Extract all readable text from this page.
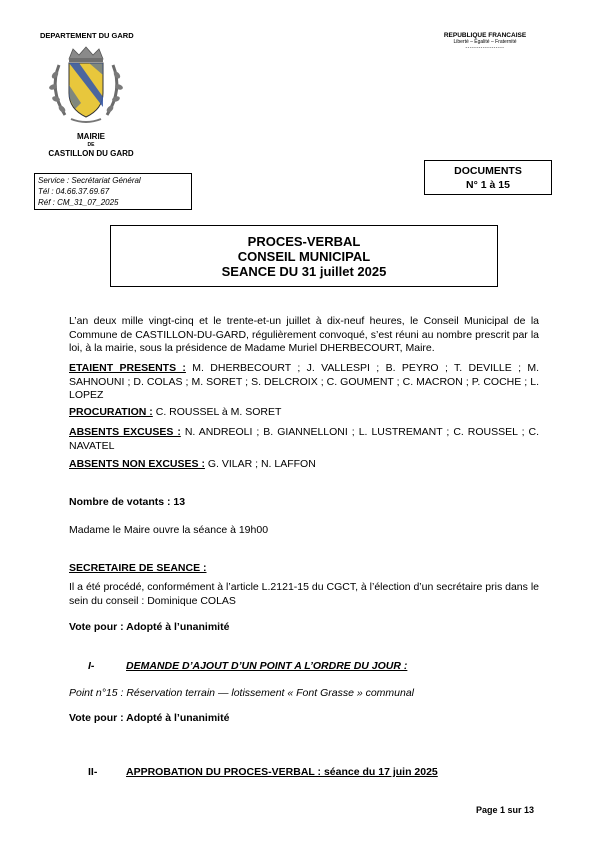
DEPARTEMENT DU GARD
MAIRIE
DE
CASTILLON DU GARD
REPUBLIQUE FRANCAISE
Liberté – Egalité – Fraternité
------------------
Service : Secrétariat Général
Tél : 04.66.37.69.67
Réf : CM_31_07_2025
DOCUMENTS
N° 1 à 15
PROCES-VERBAL
CONSEIL MUNICIPAL
SEANCE DU 31 juillet 2025
L’an deux mille vingt-cinq et le trente-et-un juillet à dix-neuf heures, le Conseil Municipal de la Commune de CASTILLON-DU-GARD, régulièrement convoqué, s’est réuni au nombre prescrit par la loi, à la mairie, sous la présidence de Madame Muriel DHERBECOURT, Maire.
ETAIENT PRESENTS : M. DHERBECOURT ; J. VALLESPI ; B. PEYRO ; T. DEVILLE ; M. SAHNOUNI ; D. COLAS ; M. SORET ; S. DELCROIX ; C. GOUMENT ; C. MACRON ; P. COCHE ; L. LOPEZ
PROCURATION : C. ROUSSEL à M. SORET
ABSENTS EXCUSES : N. ANDREOLI ; B. GIANNELLONI ; L. LUSTREMANT ; C. ROUSSEL ; C. NAVATEL
ABSENTS NON EXCUSES : G. VILAR ; N. LAFFON
Nombre de votants : 13
Madame le Maire ouvre la séance à 19h00
SECRETAIRE DE SEANCE :
Il a été procédé, conformément à l’article L.2121-15 du CGCT, à l’élection d’un secrétaire pris dans le sein du conseil : Dominique COLAS
Vote pour : Adopté à l’unanimité
I-	DEMANDE D’AJOUT D’UN POINT A L’ORDRE DU JOUR :
Point n°15 : Réservation terrain — lotissement « Font Grasse » communal
Vote pour : Adopté à l’unanimité
II-	APPROBATION DU PROCES-VERBAL : séance du 17 juin 2025
Page 1 sur 13
